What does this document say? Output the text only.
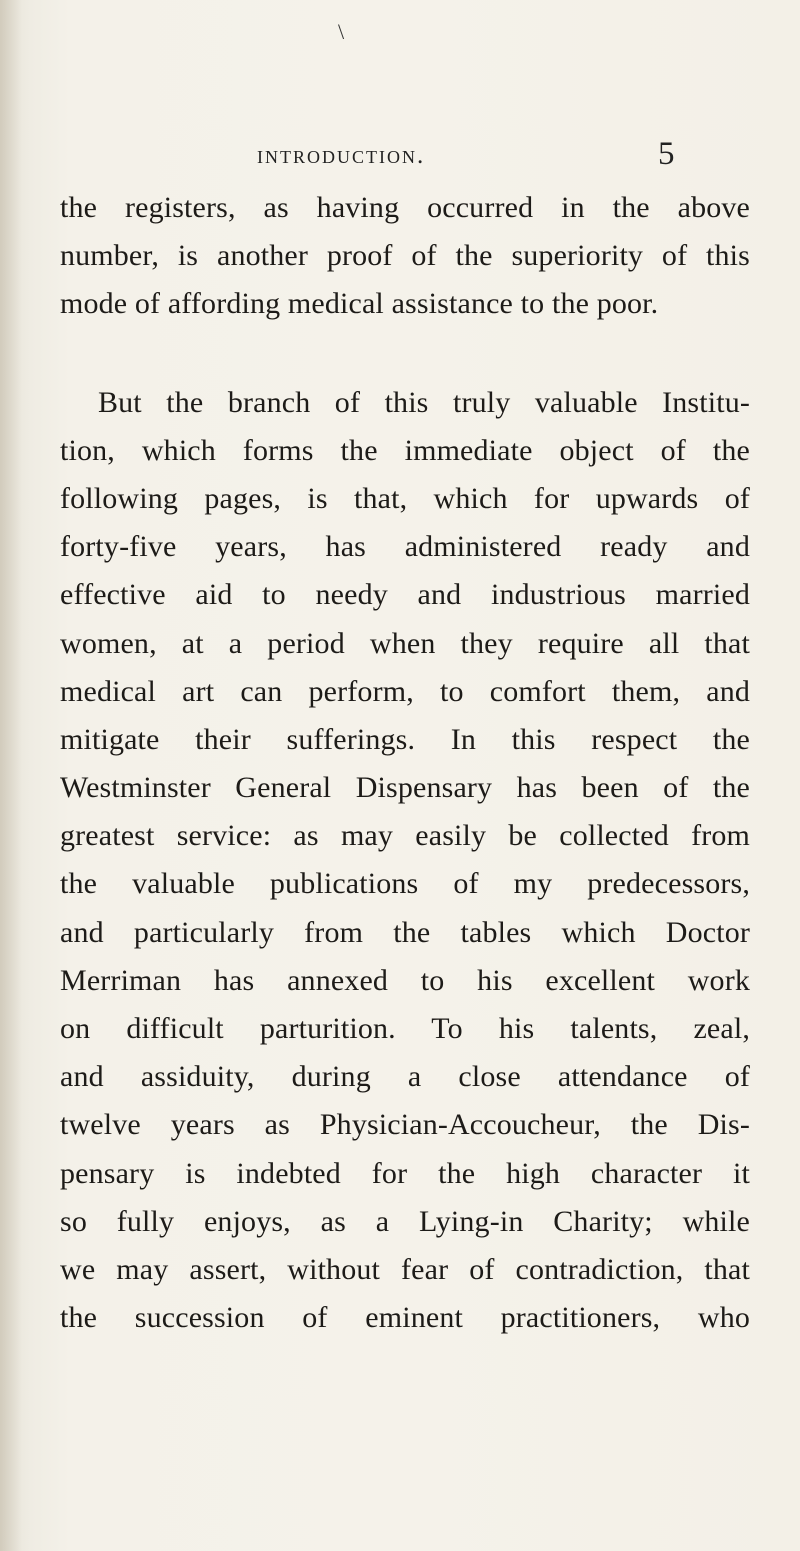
\
introduction.	5
the registers, as having occurred in the above
number, is another proof of the superiority of this
mode of affording medical assistance to the poor.
But the branch of this truly valuable Institu-
tion, which forms the immediate object of the
following pages, is that, which for upwards of
forty-five years, has administered ready and
effective aid to needy and industrious married
women, at a period when they require all that
medical art can perform, to comfort them, and
mitigate their sufferings. In this respect the
Westminster General Dispensary has been of the
greatest service: as may easily be collected from
the valuable publications of my predecessors,
and particularly from the tables which Doctor
Merriman has annexed to his excellent work
on difficult parturition. To his talents, zeal,
and assiduity, during a close attendance of
twelve years as Physician-Accoucheur, the Dis-
pensary is indebted for the high character it
so fully enjoys, as a Lying-in Charity; while
we may assert, without fear of contradiction, that
the succession of eminent practitioners, who
